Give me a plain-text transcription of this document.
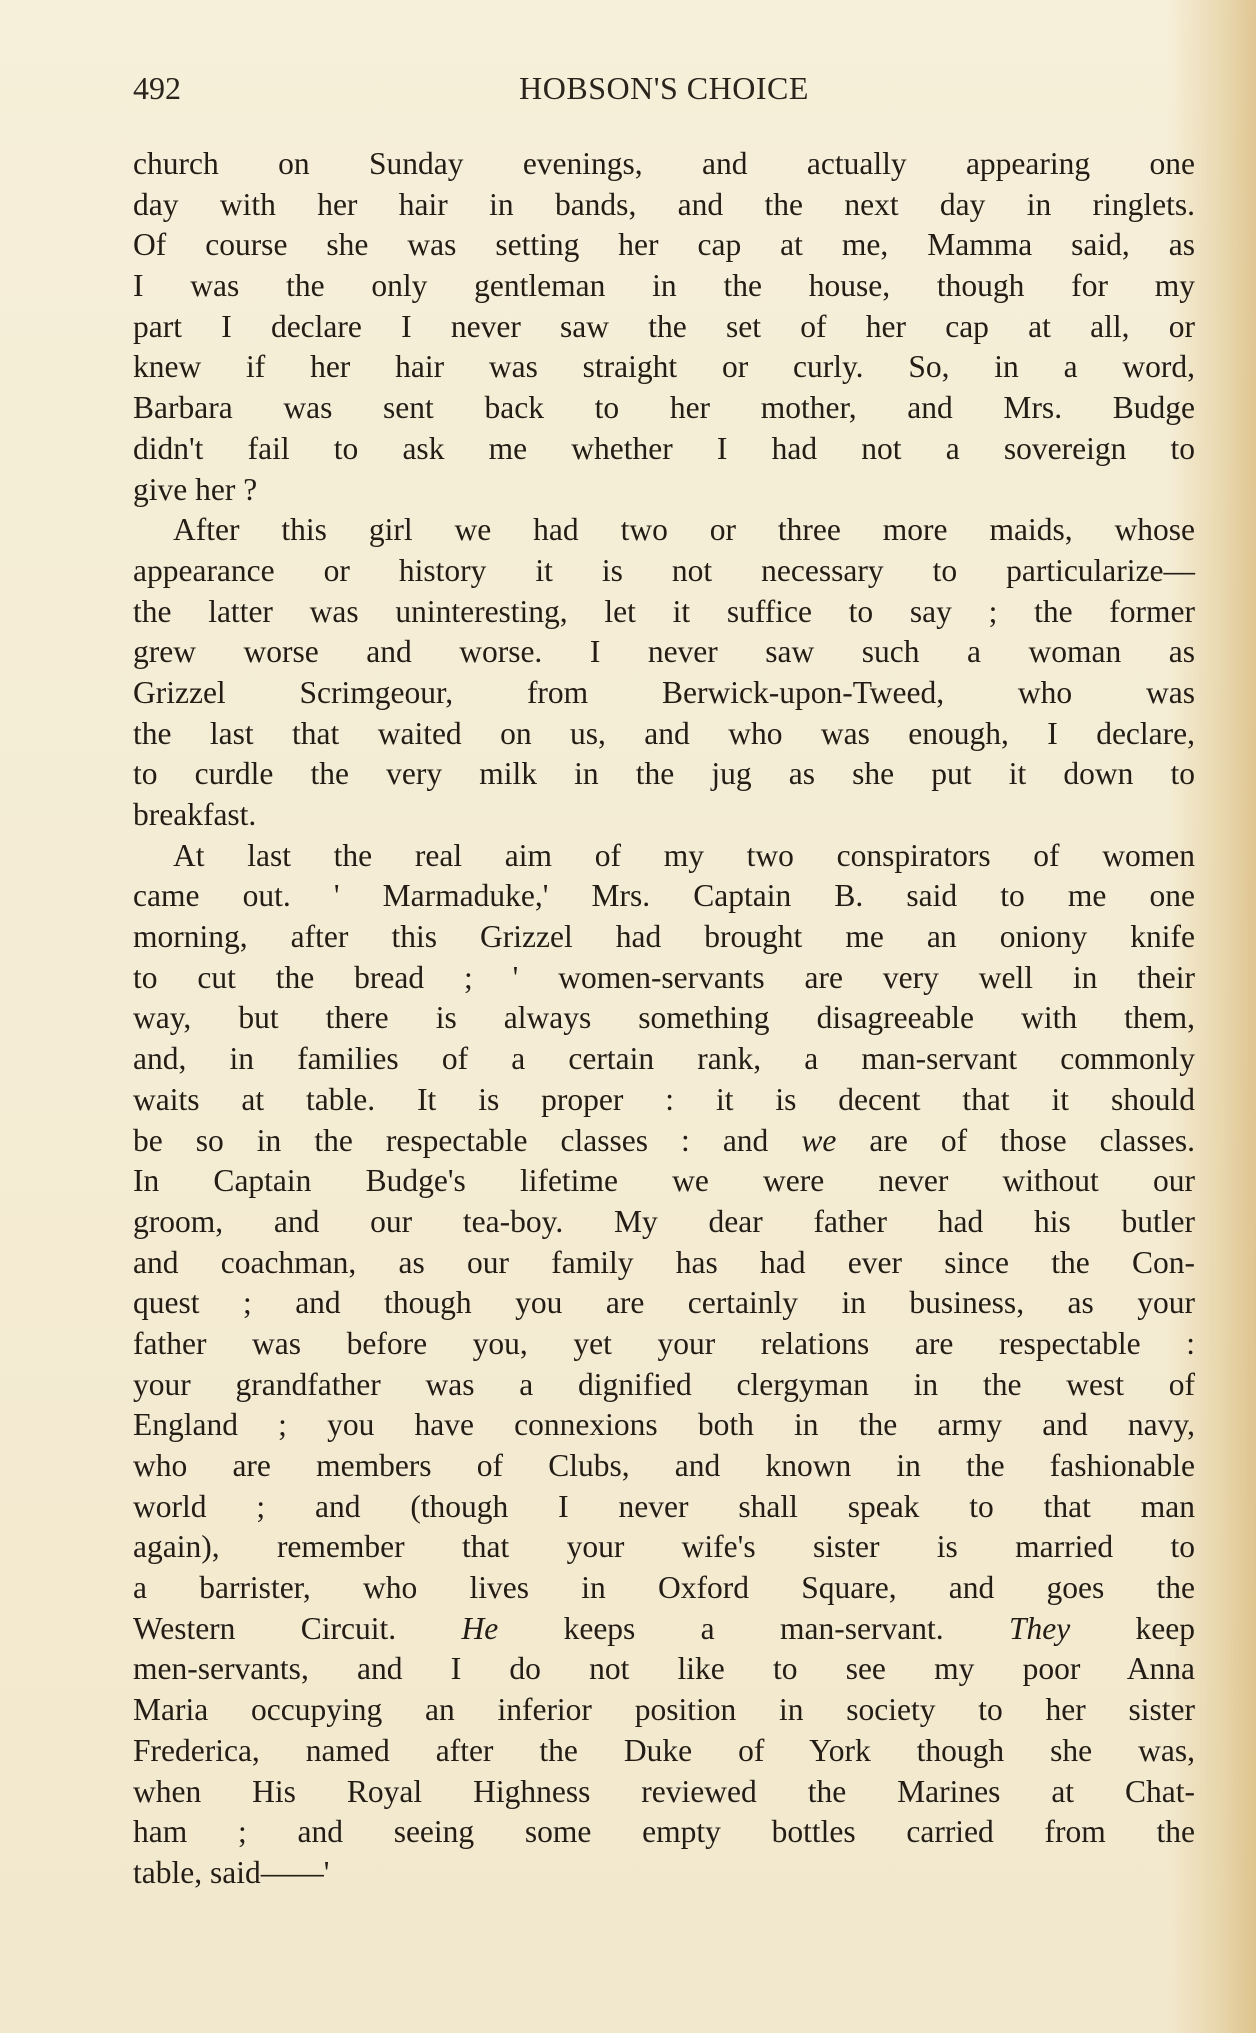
492	HOBSON'S CHOICE
church on Sunday evenings, and actually appearing one
day with her hair in bands, and the next day in ringlets.
Of course she was setting her cap at me, Mamma said, as
I was the only gentleman in the house, though for my
part I declare I never saw the set of her cap at all, or
knew if her hair was straight or curly. So, in a word,
Barbara was sent back to her mother, and Mrs. Budge
didn't fail to ask me whether I had not a sovereign to
give her ?
After this girl we had two or three more maids, whose
appearance or history it is not necessary to particularize—
the latter was uninteresting, let it suffice to say ; the former
grew worse and worse. I never saw such a woman as
Grizzel Scrimgeour, from Berwick-upon-Tweed, who was
the last that waited on us, and who was enough, I declare,
to curdle the very milk in the jug as she put it down to
breakfast.
At last the real aim of my two conspirators of women
came out. ' Marmaduke,' Mrs. Captain B. said to me one
morning, after this Grizzel had brought me an oniony knife
to cut the bread ; ' women-servants are very well in their
way, but there is always something disagreeable with them,
and, in families of a certain rank, a man-servant commonly
waits at table. It is proper : it is decent that it should
be so in the respectable classes : and we are of those classes.
In Captain Budge's lifetime we were never without our
groom, and our tea-boy. My dear father had his butler
and coachman, as our family has had ever since the Con-
quest ; and though you are certainly in business, as your
father was before you, yet your relations are respectable :
your grandfather was a dignified clergyman in the west of
England ; you have connexions both in the army and navy,
who are members of Clubs, and known in the fashionable
world ; and (though I never shall speak to that man
again), remember that your wife's sister is married to
a barrister, who lives in Oxford Square, and goes the
Western Circuit. He keeps a man-servant. They keep
men-servants, and I do not like to see my poor Anna
Maria occupying an inferior position in society to her sister
Frederica, named after the Duke of York though she was,
when His Royal Highness reviewed the Marines at Chat-
ham ; and seeing some empty bottles carried from the
table, said——'
